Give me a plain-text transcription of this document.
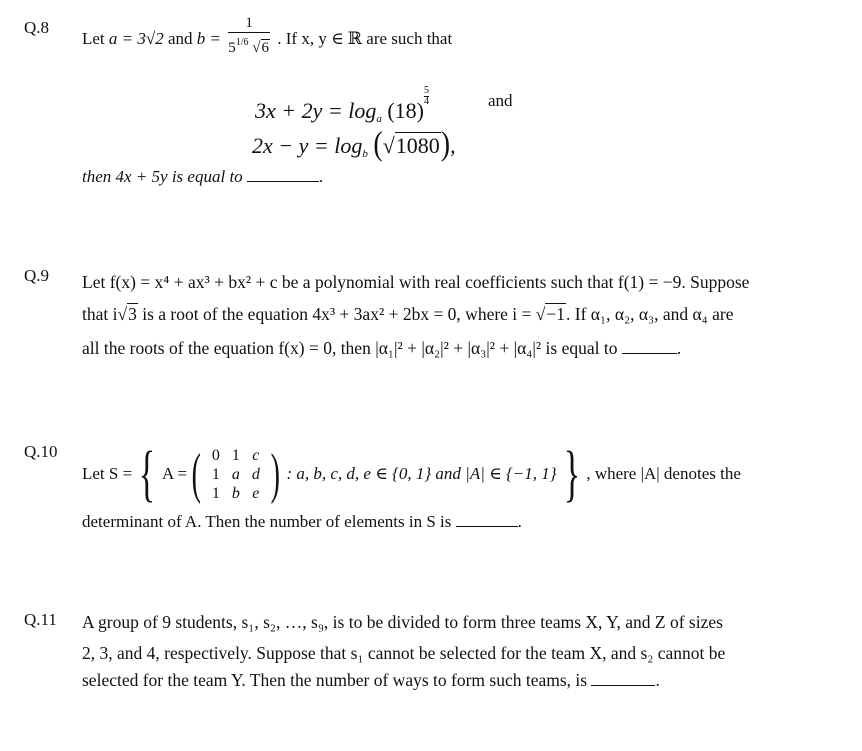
Q.8
Let a = 3√2 and $b = \frac{1}{5^{1/6} √6}$ . If x, y ∈ ℝ are such that
$3x + 2y = \log_a (18)$
$\frac{5}{4}$	and
$2x - y = \log_b (√1080)$,
then 4x + 5y is equal to	.
Q.9 Let f(x) = x⁴ + ax³ + bx² + c be a polynomial with real coefficients such that f(1) = −9. Suppose
that i√3 is a root of the equation 4x³ + 3ax² + 2bx = 0, where i = √−1. If α₁, α₂, α₃, and α₄ are
all the roots of the equation f(x) = 0, then |α₁|² + |α₂|² + |α₃|² + |α₄|² is equal to	.
Q.10
Let S = { A = ( 0	1	c
1	a	d
1	b	e ) : a, b, c, d, e ∈ {0, 1} and |A| ∈ {−1, 1} } , where |A| denotes the
determinant of A. Then the number of elements in S is	.
Q.11 A group of 9 students, s₁, s₂, …, s₉, is to be divided to form three teams X, Y, and Z of sizes
2, 3, and 4, respectively. Suppose that s₁ cannot be selected for the team X, and s₂ cannot be
selected for the team Y. Then the number of ways to form such teams, is	.
